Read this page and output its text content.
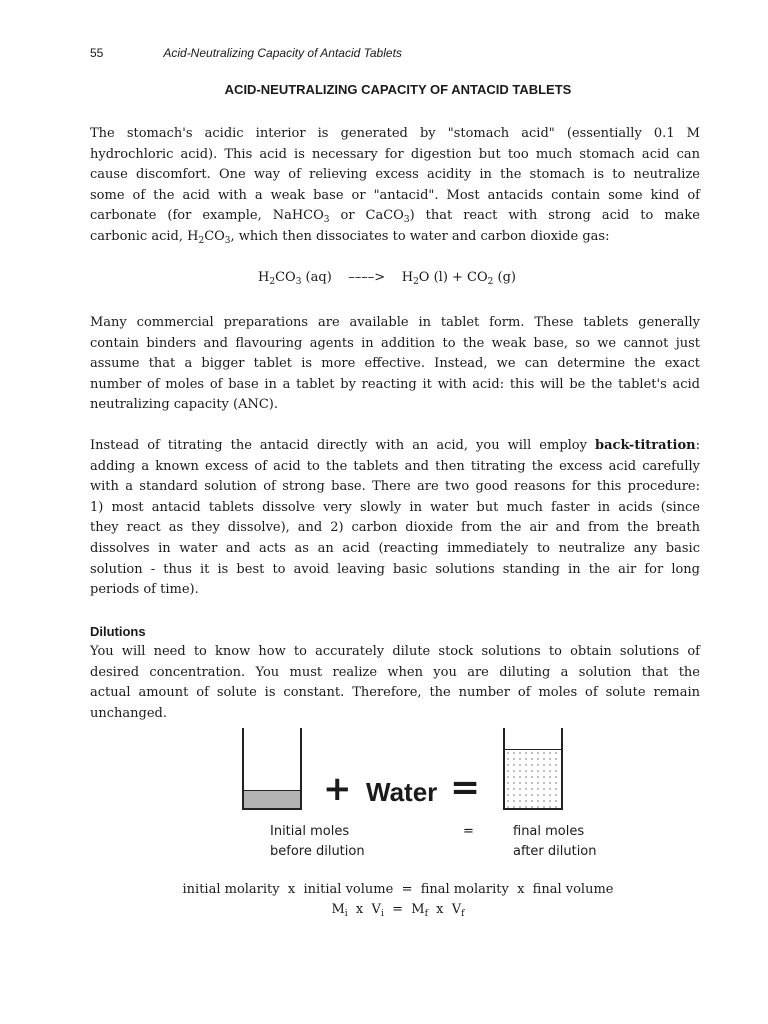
55	Acid-Neutralizing Capacity of Antacid Tablets
ACID-NEUTRALIZING CAPACITY OF ANTACID TABLETS
The stomach's acidic interior is generated by "stomach acid" (essentially 0.1 M
hydrochloric acid). This acid is necessary for digestion but too much stomach acid can
cause discomfort. One way of relieving excess acidity in the stomach is to neutralize
some of the acid with a weak base or "antacid". Most antacids contain some kind of
carbonate (for example, NaHCO$_3$ or CaCO$_3$) that react with strong acid to make
carbonic acid, $H_2CO_3$, which then dissociates to water and carbon dioxide gas:
$H_2CO_3$ (aq)    ––––>    $H_2O$ $(l) + CO_2$ (g)
Many commercial preparations are available in tablet form. These tablets generally
contain binders and flavouring agents in addition to the weak base, so we cannot just
assume that a bigger tablet is more effective. Instead, we can determine the exact
number of moles of base in a tablet by reacting it with acid: this will be the tablet's acid
neutralizing capacity (ANC).
Instead of titrating the antacid directly with an acid, you will employ back-titration:
adding a known excess of acid to the tablets and then titrating the excess acid carefully
with a standard solution of strong base. There are two good reasons for this procedure:
1) most antacid tablets dissolve very slowly in water but much faster in acids (since
they react as they dissolve), and 2) carbon dioxide from the air and from the breath
dissolves in water and acts as an acid (reacting immediately to neutralize any basic
solution - thus it is best to avoid leaving basic solutions standing in the air for long
periods of time).
Dilutions
You will need to know how to accurately dilute stock solutions to obtain solutions of
desired concentration. You must realize when you are diluting a solution that the
actual amount of solute is constant. Therefore, the number of moles of solute remain
unchanged.
+ Water =
Initial moles
before dilution
=	final moles
after dilution
initial molarity  x  initial volume  =  final molarity  x  final volume
$M_i$  x  $V_i = M_f$  x  $V_f$
